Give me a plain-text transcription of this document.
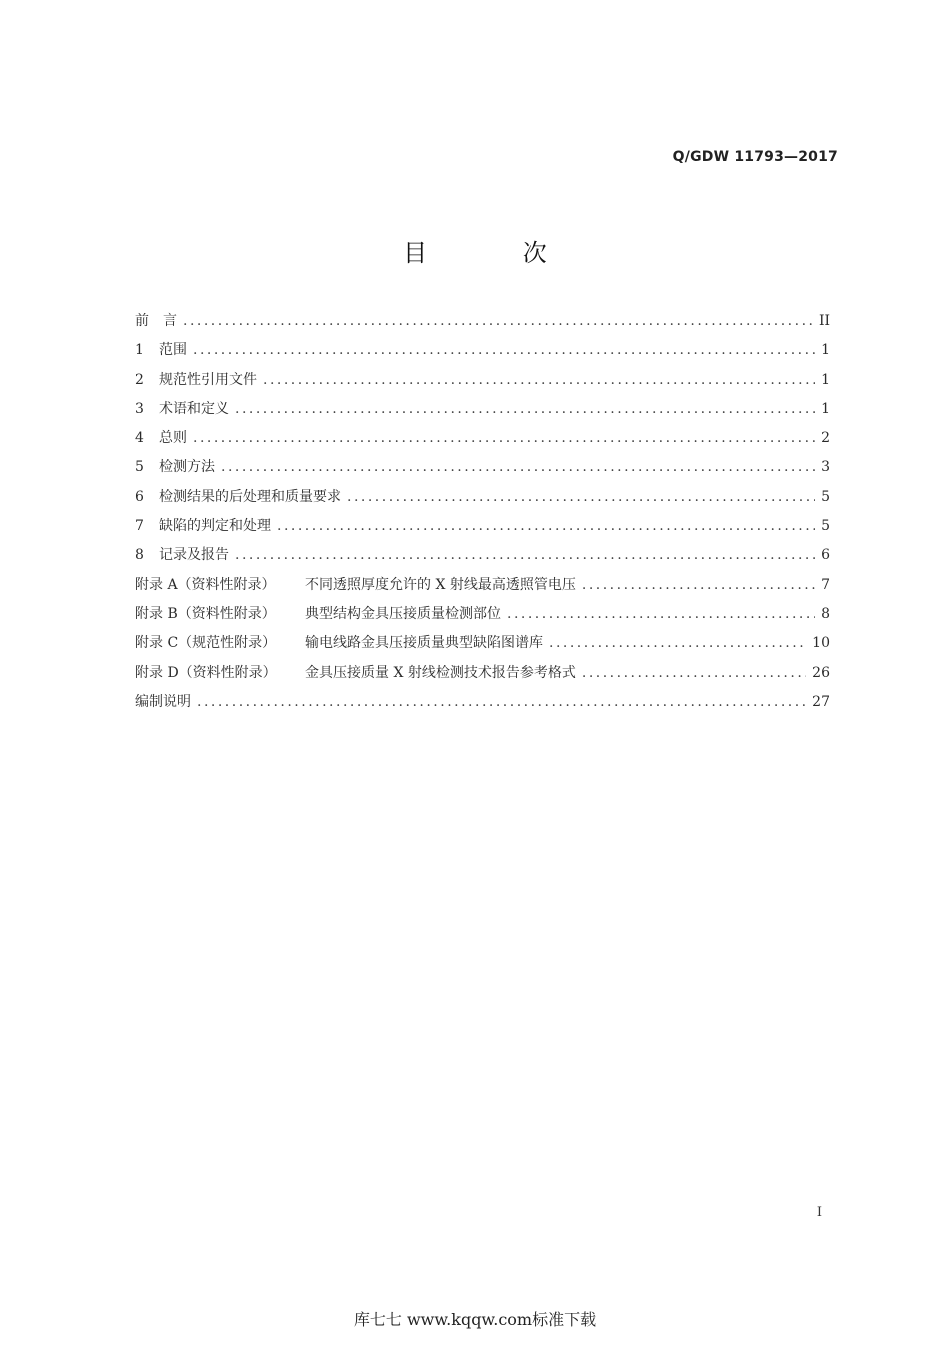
Q/GDW 11793—2017
目 次
前　言 .....	II
1	范围 .....	1
2	规范性引用文件 .....	1
3	术语和定义 .....	1
4	总则 .....	2
5	检测方法 .....	3
6	检测结果的后处理和质量要求 .....	5
7	缺陷的判定和处理 .....	5
8	记录及报告 .....	6
附录 A（资料性附录）	不同透照厚度允许的 X 射线最高透照管电压 .....	7
附录 B（资料性附录）	典型结构金具压接质量检测部位 .....	8
附录 C（规范性附录）	输电线路金具压接质量典型缺陷图谱库 .....	10
附录 D（资料性附录）	金具压接质量 X 射线检测技术报告参考格式 .....	26
编制说明 .....	27
I
库七七 www.kqqw.com标准下载
